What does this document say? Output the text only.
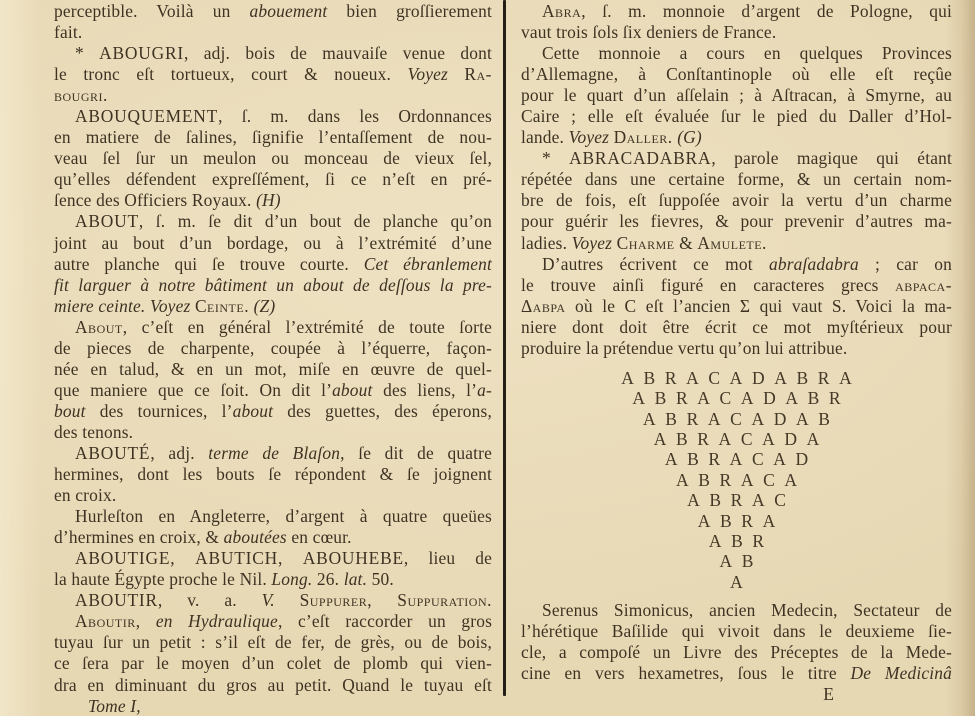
perceptible. Voilà un abouement bien groſſierement
fait.
* ABOUGRI, adj. bois de mauvaiſe venue dont
le tronc eſt tortueux, court & noueux. Voyez Ra-
bougri.
ABOUQUEMENT, ſ. m. dans les Ordonnances
en matiere de ſalines, ſignifie l’entaſſement de nou-
veau ſel ſur un meulon ou monceau de vieux ſel,
qu’elles défendent expreſſément, ſi ce n’eſt en pré-
ſence des Officiers Royaux. (H)
ABOUT, ſ. m. ſe dit d’un bout de planche qu’on
joint au bout d’un bordage, ou à l’extrémité d’une
autre planche qui ſe trouve courte. Cet ébranlement
fit larguer à notre bâtiment un about de deſſous la pre-
miere ceinte. Voyez Ceinte. (Z)
About, c’eſt en général l’extrémité de toute ſorte
de pieces de charpente, coupée à l’équerre, façon-
née en talud, & en un mot, miſe en œuvre de quel-
que maniere que ce ſoit. On dit l’about des liens, l’a-
bout des tournices, l’about des guettes, des éperons,
des tenons.
ABOUTÉ, adj. terme de Blaſon, ſe dit de quatre
hermines, dont les bouts ſe répondent & ſe joignent
en croix.
Hurleſton en Angleterre, d’argent à quatre queües
d’hermines en croix, & aboutées en cœur.
ABOUTIGE, ABUTICH, ABOUHEBE, lieu de
la haute Égypte proche le Nil. Long. 26. lat. 50.
ABOUTIR, v. a. V. Suppurer, Suppuration.
Aboutir, en Hydraulique, c’eſt raccorder un gros
tuyau ſur un petit : s’il eſt de fer, de grès, ou de bois,
ce ſera par le moyen d’un colet de plomb qui vien-
dra en diminuant du gros au petit. Quand le tuyau eſt
Tome I,
Abra, ſ. m. monnoie d’argent de Pologne, qui
vaut trois ſols ſix deniers de France.
Cette monnoie a cours en quelques Provinces
d’Allemagne, à Conſtantinople où elle eſt reçûe
pour le quart d’un aſſelain ; à Aſtracan, à Smyrne, au
Caire ; elle eſt évaluée ſur le pied du Daller d’Hol-
lande. Voyez Daller. (G)
* ABRACADABRA, parole magique qui étant
répétée dans une certaine forme, & un certain nom-
bre de fois, eſt ſuppoſée avoir la vertu d’un charme
pour guérir les fievres, & pour prevenir d’autres ma-
ladies. Voyez Charme & Amulete.
D’autres écrivent ce mot abraſadabra ; car on
le trouve ainſi figuré en caracteres grecs abpaca-
Δabpa où le C eſt l’ancien Σ qui vaut S. Voici la ma-
niere dont doit être écrit ce mot myſtérieux pour
produire la prétendue vertu qu’on lui attribue.
ABRACADABRA
ABRACADABR
ABRACADAB
ABRACADA
ABRACAD
ABRACA
ABRAC
ABRA
ABR
AB
A
Serenus Simonicus, ancien Medecin, Sectateur de
l’hérétique Baſilide qui vivoit dans le deuxieme ſie-
cle, a compoſé un Livre des Préceptes de la Mede-
cine en vers hexametres, ſous le titre De Medicinâ
E
